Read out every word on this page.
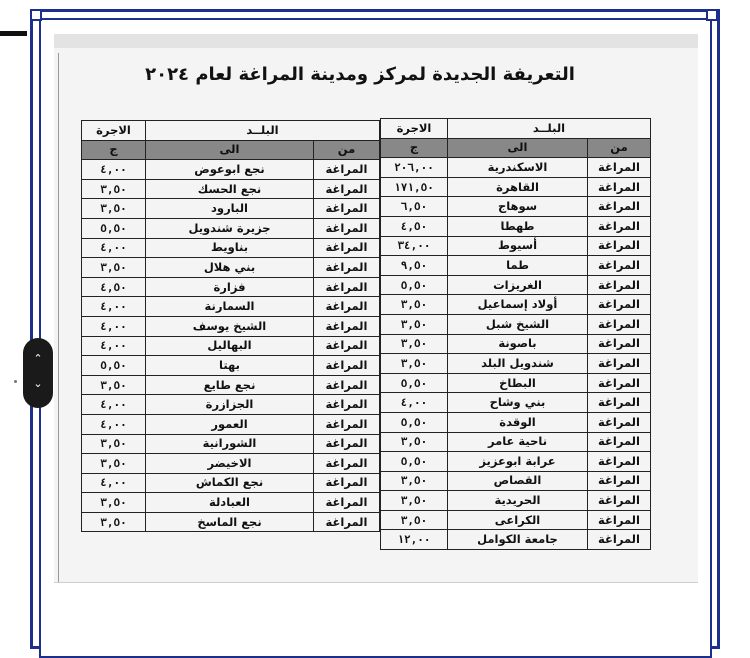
التعريفة الجديدة لمركز ومدينة المراغة لعام ٢٠٢٤
البلــد		الاجرة
من	الى	ج
المراغة	الاسكندرية	٢٠٦,٠٠
المراغة	القاهرة	١٧١,٥٠
المراغة	سوهاج	٦,٥٠
المراغة	طهطا	٤,٥٠
المراغة	أسيوط	٣٤,٠٠
المراغة	طما	٩,٥٠
المراغة	الغريزات	٥,٥٠
المراغة	أولاد إسماعيل	٣,٥٠
المراغة	الشيخ شبل	٣,٥٠
المراغة	باصونة	٣,٥٠
المراغة	شندويل البلد	٣,٥٠
المراغة	البطاخ	٥,٥٠
المراغة	بني وشاح	٤,٠٠
المراغة	الوقدة	٥,٥٠
المراغة	ناحية عامر	٣,٥٠
المراغة	عرابة ابوعزيز	٥,٥٠
المراغة	القصاص	٣,٥٠
المراغة	الحريدية	٣,٥٠
المراغة	الكراعى	٣,٥٠
المراغة	جامعة الكوامل	١٢,٠٠
البلــد		الاجرة
من	الى	ج
المراغة	نجع ابوعوض	٤,٠٠
المراغة	نجع الحسك	٣,٥٠
المراغة	البارود	٣,٥٠
المراغة	جزيرة شندويل	٥,٥٠
المراغة	بناويط	٤,٠٠
المراغة	بني هلال	٣,٥٠
المراغة	فزارة	٤,٥٠
المراغة	السمارنة	٤,٠٠
المراغة	الشيخ يوسف	٤,٠٠
المراغة	البهاليل	٤,٠٠
المراغة	بهتا	٥,٥٠
المراغة	نجع طايع	٣,٥٠
المراغة	الجزازرة	٤,٠٠
المراغة	العمور	٤,٠٠
المراغة	الشورانية	٣,٥٠
المراغة	الاخيضر	٣,٥٠
المراغة	نجع الكماش	٤,٠٠
المراغة	العبادلة	٣,٥٠
المراغة	نجع الماسخ	٣,٥٠
⌃
⌄
